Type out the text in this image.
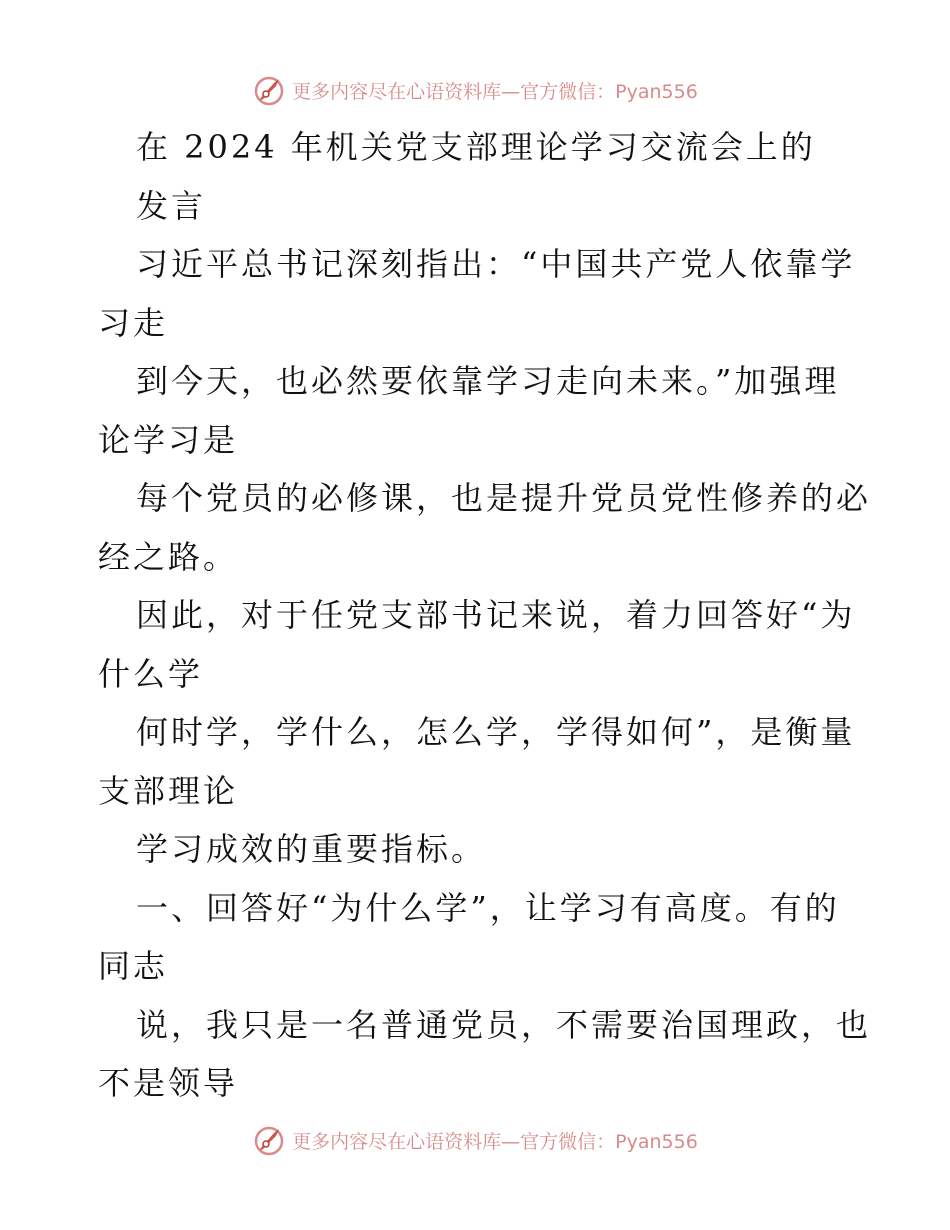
更多内容尽在心语资料库—官方微信：Pyan556
在 2024 年机关党支部理论学习交流会上的
发言
习近平总书记深刻指出：“中国共产党人依靠学
习走
到今天，也必然要依靠学习走向未来。”加强理
论学习是
每个党员的必修课，也是提升党员党性修养的必
经之路。
因此，对于任党支部书记来说，着力回答好“为
什么学
何时学，学什么，怎么学，学得如何”，是衡量
支部理论
学习成效的重要指标。
一、回答好“为什么学”，让学习有高度。有的
同志
说，我只是一名普通党员，不需要治国理政，也
不是领导
更多内容尽在心语资料库—官方微信：Pyan556
